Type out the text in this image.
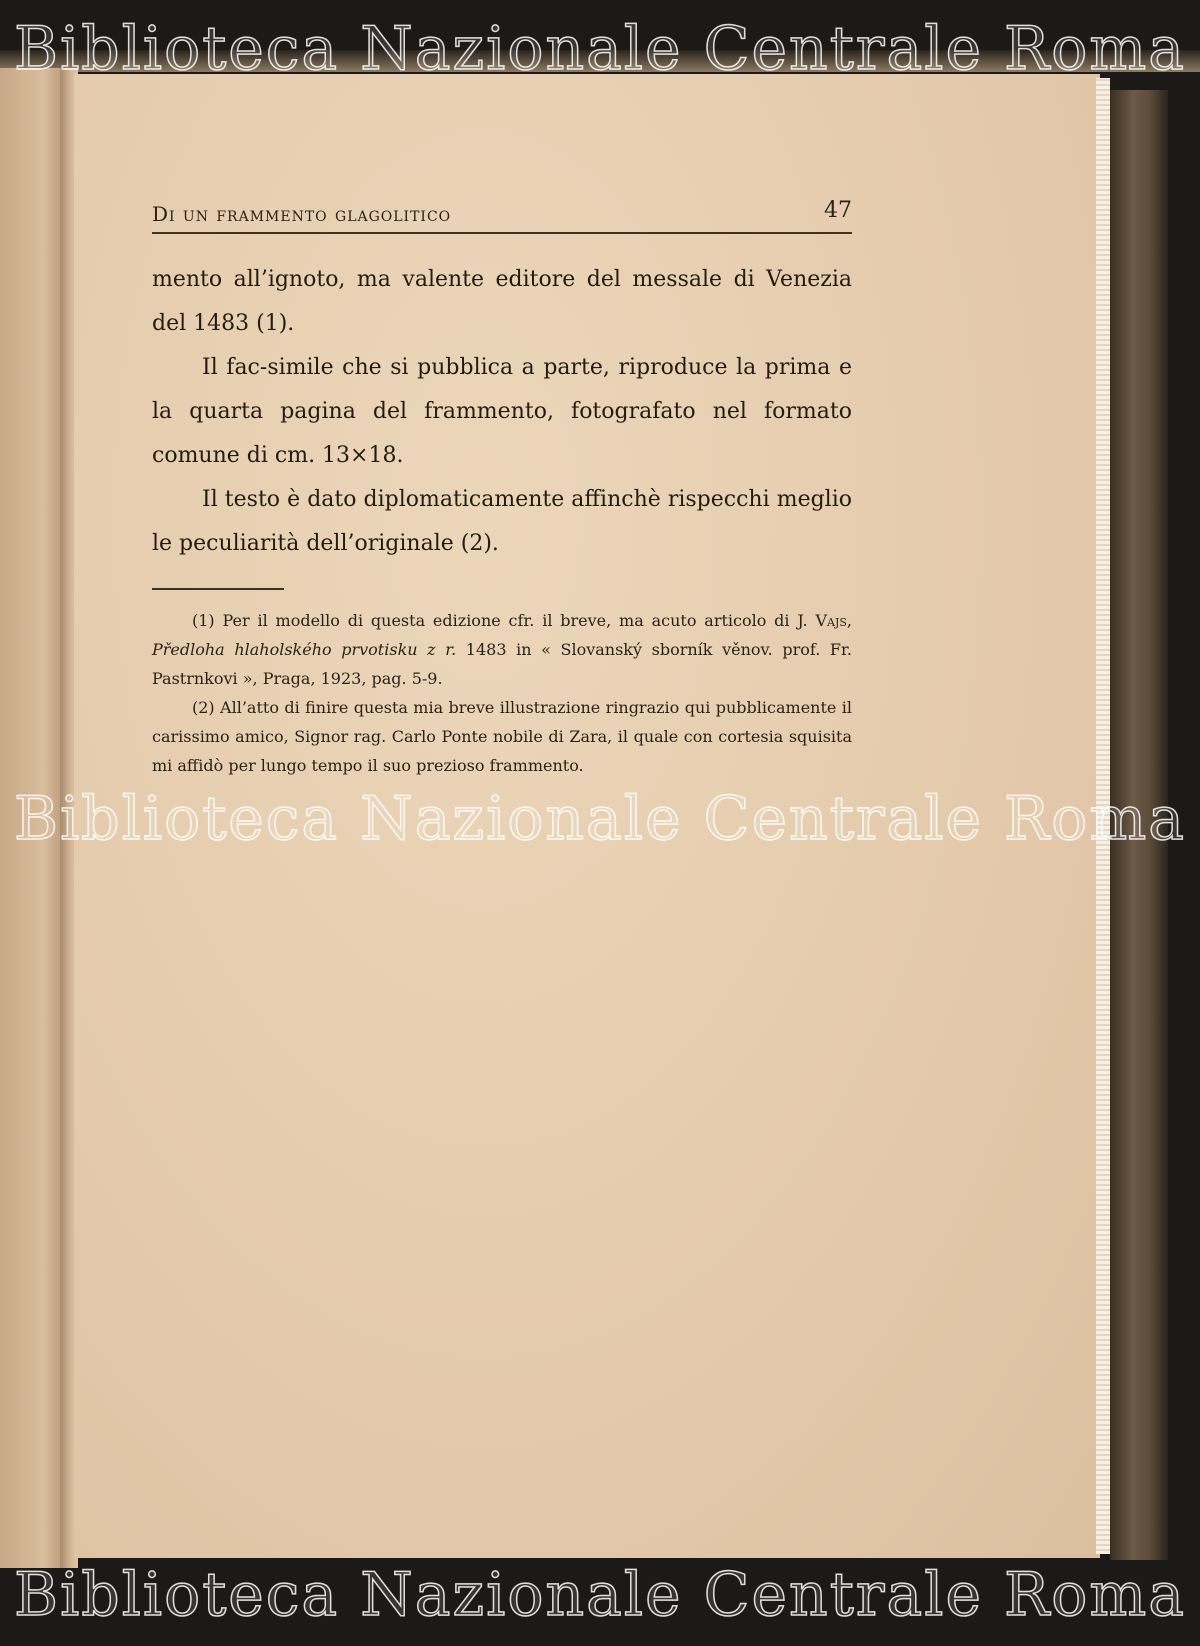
Di un frammento glagolitico	47

mento all’ignoto, ma valente editore del messale di Venezia del 1483 (1).

Il fac-simile che si pubblica a parte, riproduce la prima e la quarta pagina del frammento, fotografato nel formato comune di cm. 13×18.

Il testo è dato diplomaticamente affinchè rispecchi meglio le peculiarità dell’originale (2).

(1) Per il modello di questa edizione cfr. il breve, ma acuto articolo di J. Vajs, Předloha hlaholského prvotisku z r. 1483 in « Slovanský sborník věnov. prof. Fr. Pastrnkovi », Praga, 1923, pag. 5-9.

(2) All’atto di finire questa mia breve illustrazione ringrazio qui pubblicamente il carissimo amico, Signor rag. Carlo Ponte nobile di Zara, il quale con cortesia squisita mi affidò per lungo tempo il suo prezioso frammento.

Biblioteca Nazionale Centrale Roma
Biblioteca Nazionale Centrale Roma
Biblioteca Nazionale Centrale Roma
